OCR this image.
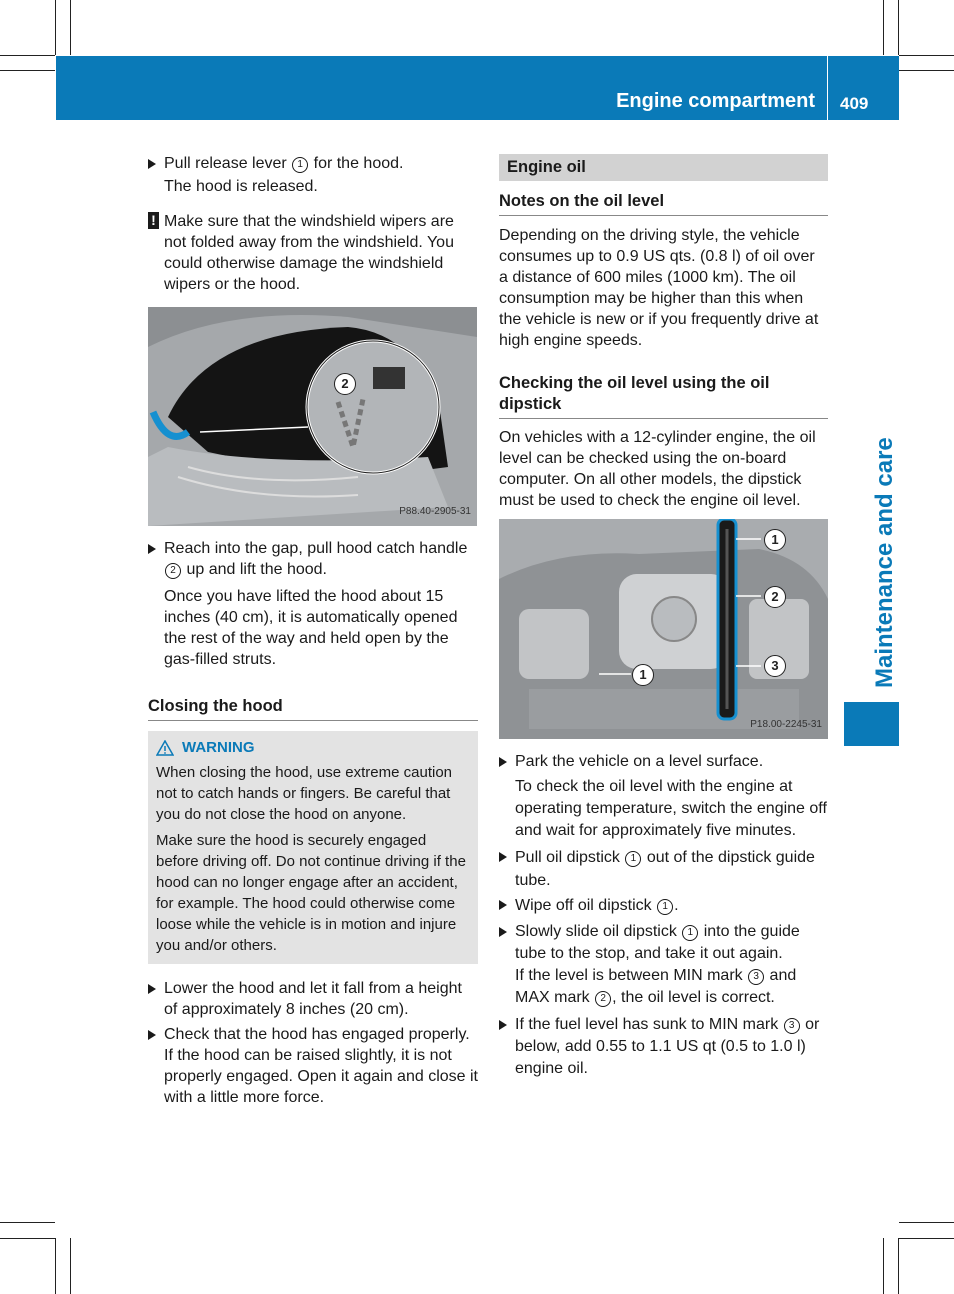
Engine compartment 409
Maintenance and care

Pull release lever 1 for the hood.

The hood is released.

! Make sure that the windshield wipers are not folded away from the windshield. You could otherwise damage the windshield wipers or the hood.
2
P88.40-2905-31

Reach into the gap, pull hood catch handle 2 up and lift the hood.

Once you have lifted the hood about 15 inches (40 cm), it is automatically opened the rest of the way and held open by the gas-filled struts.

Closing the hood
WARNING

When closing the hood, use extreme caution not to catch hands or fingers. Be careful that you do not close the hood on anyone.

Make sure the hood is securely engaged before driving off. Do not continue driving if the hood can no longer engage after an accident, for example. The hood could otherwise come loose while the vehicle is in motion and injure you and/or others.

Lower the hood and let it fall from a height of approximately 8 inches (20 cm).

Check that the hood has engaged properly.

If the hood can be raised slightly, it is not properly engaged. Open it again and close it with a little more force.

Engine oil
Notes on the oil level

Depending on the driving style, the vehicle consumes up to 0.9 US qts. (0.8 l) of oil over a distance of 600 miles (1000 km). The oil consumption may be higher than this when the vehicle is new or if you frequently drive at high engine speeds.

Checking the oil level using the oil dipstick

On vehicles with a 12-cylinder engine, the oil level can be checked using the on-board computer. On all other models, the dipstick must be used to check the engine oil level.

1
2
3
1
P18.00-2245-31

Park the vehicle on a level surface.

To check the oil level with the engine at operating temperature, switch the engine off and wait for approximately five minutes.

Pull oil dipstick 1 out of the dipstick guide tube.

Wipe off oil dipstick 1 .

Slowly slide oil dipstick 1 into the guide tube to the stop, and take it out again.

If the level is between MIN mark 3 and MAX mark 2 , the oil level is correct.

If the fuel level has sunk to MIN mark 3 or below, add 0.55 to 1.1 US qt (0.5 to 1.0 l) engine oil.
